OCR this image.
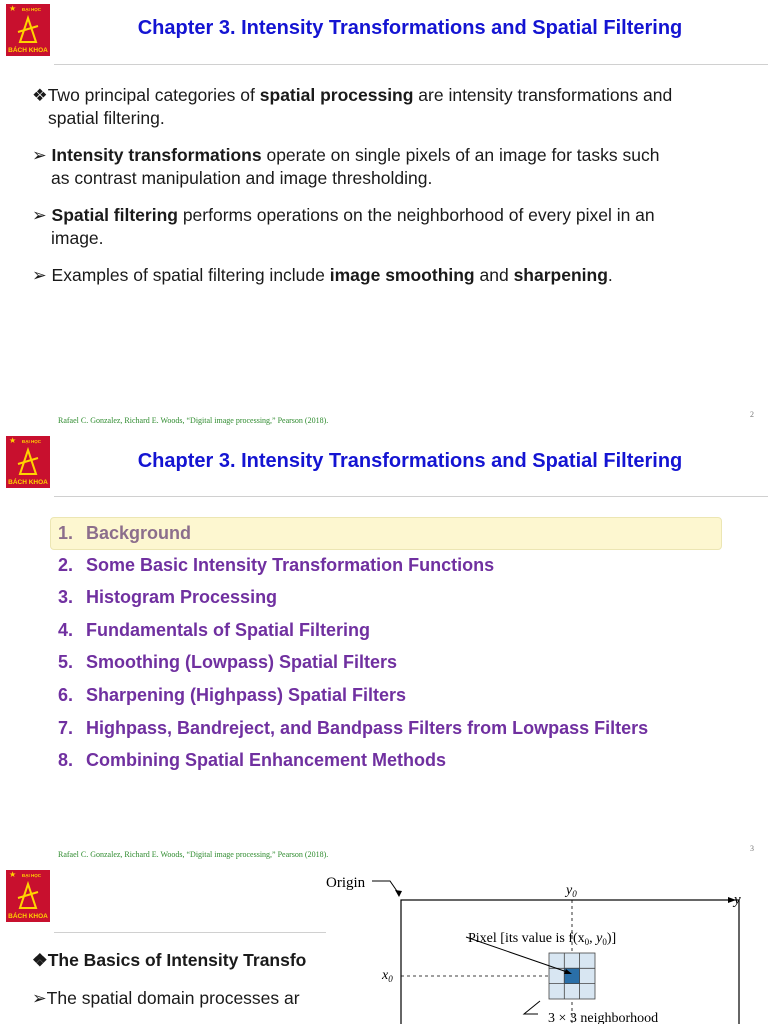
★ ĐẠI HỌC
BÁCH KHOA
Chapter 3. Intensity Transformations and Spatial Filtering
❖Two principal categories of spatial processing are intensity transformations and
spatial filtering.
➢ Intensity transformations operate on single pixels of an image for tasks such
as contrast manipulation and image thresholding.
➢ Spatial filtering performs operations on the neighborhood of every pixel in an
image.
➢ Examples of spatial filtering include image smoothing and sharpening.
Rafael C. Gonzalez, Richard E. Woods, “Digital image processing,” Pearson (2018).
2
★ ĐẠI HỌC
BÁCH KHOA
Chapter 3. Intensity Transformations and Spatial Filtering
1. Background
2. Some Basic Intensity Transformation Functions
3. Histogram Processing
4. Fundamentals of Spatial Filtering
5. Smoothing (Lowpass) Spatial Filters
6. Sharpening (Highpass) Spatial Filters
7. Highpass, Bandreject, and Bandpass Filters from Lowpass Filters
8. Combining Spatial Enhancement Methods
Rafael C. Gonzalez, Richard E. Woods, “Digital image processing,” Pearson (2018).
3
★ ĐẠI HỌC
BÁCH KHOA
❖The Basics of Intensity Transfo
➢The spatial domain processes ar
Origin
y
$y_0$
$x_0$
Pixel [its value is $f(x_0$, $y_0$)]
3 × 3 neighborhood
